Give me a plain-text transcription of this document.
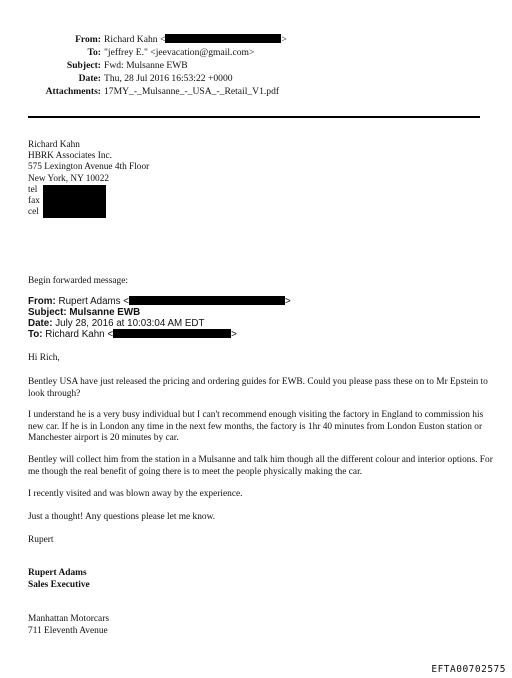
From: Richard Kahn <	>
To: "jeffrey E." <jeevacation@gmail.com>
Subject: Fwd: Mulsanne EWB
Date: Thu, 28 Jul 2016 16:53:22 +0000
Attachments: 17MY_-_Mulsanne_-_USA_-_Retail_V1.pdf
Richard Kahn
HBRK Associates Inc.
575 Lexington Avenue 4th Floor
New York, NY 10022
tel
fax
cel
Begin forwarded message:
From: Rupert Adams <	>
Subject: Mulsanne EWB
Date: July 28, 2016 at 10:03:04 AM EDT
To: Richard Kahn <	>
Hi Rich,
Bentley USA have just released the pricing and ordering guides for EWB. Could you please pass these on to Mr Epstein to look through?
I understand he is a very busy individual but I can't recommend enough visiting the factory in England to commission his new car. If he is in London any time in the next few months, the factory is 1hr 40 minutes from London Euston station or Manchester airport is 20 minutes by car.
Bentley will collect him from the station in a Mulsanne and talk him though all the different colour and interior options. For me though the real benefit of going there is to meet the people physically making the car.
I recently visited and was blown away by the experience.
Just a thought! Any questions please let me know.
Rupert
Rupert Adams
Sales Executive
Manhattan Motorcars
711 Eleventh Avenue
EFTA00702575
